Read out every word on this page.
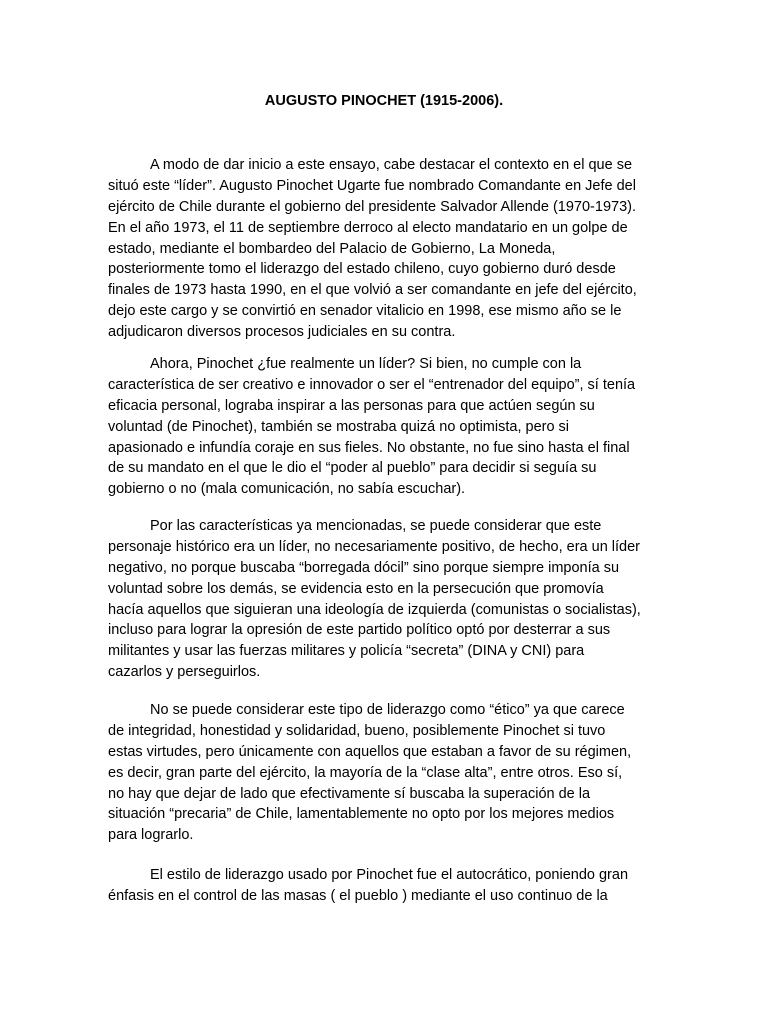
AUGUSTO PINOCHET (1915-2006).
A modo de dar inicio a este ensayo, cabe destacar el contexto en el que se
situó este “líder”. Augusto Pinochet Ugarte fue nombrado Comandante en Jefe del
ejército de Chile durante el gobierno del presidente Salvador Allende (1970-1973).
En el año 1973, el 11 de septiembre derroco al electo mandatario en un golpe de
estado, mediante el bombardeo del Palacio de Gobierno, La Moneda,
posteriormente tomo el liderazgo del estado chileno, cuyo gobierno duró desde
finales de 1973 hasta 1990, en el que volvió a ser comandante en jefe del ejército,
dejo este cargo y se convirtió en senador vitalicio en 1998, ese mismo año se le
adjudicaron diversos procesos judiciales en su contra.
Ahora, Pinochet ¿fue realmente un líder? Si bien, no cumple con la
característica de ser creativo e innovador o ser el “entrenador del equipo”, sí tenía
eficacia personal, lograba inspirar a las personas para que actúen según su
voluntad (de Pinochet), también se mostraba quizá no optimista, pero si
apasionado e infundía coraje en sus fieles. No obstante, no fue sino hasta el final
de su mandato en el que le dio el “poder al pueblo” para decidir si seguía su
gobierno o no (mala comunicación, no sabía escuchar).
Por las características ya mencionadas, se puede considerar que este
personaje histórico era un líder, no necesariamente positivo, de hecho, era un líder
negativo, no porque buscaba “borregada dócil” sino porque siempre imponía su
voluntad sobre los demás, se evidencia esto en la persecución que promovía
hacía aquellos que siguieran una ideología de izquierda (comunistas o socialistas),
incluso para lograr la opresión de este partido político optó por desterrar a sus
militantes y usar las fuerzas militares y policía “secreta” (DINA y CNI) para
cazarlos y perseguirlos.
No se puede considerar este tipo de liderazgo como “ético” ya que carece
de integridad, honestidad y solidaridad, bueno, posiblemente Pinochet si tuvo
estas virtudes, pero únicamente con aquellos que estaban a favor de su régimen,
es decir, gran parte del ejército, la mayoría de la “clase alta”, entre otros. Eso sí,
no hay que dejar de lado que efectivamente sí buscaba la superación de la
situación “precaria” de Chile, lamentablemente no opto por los mejores medios
para lograrlo.
El estilo de liderazgo usado por Pinochet fue el autocrático, poniendo gran
énfasis en el control de las masas ( el pueblo ) mediante el uso continuo de la
